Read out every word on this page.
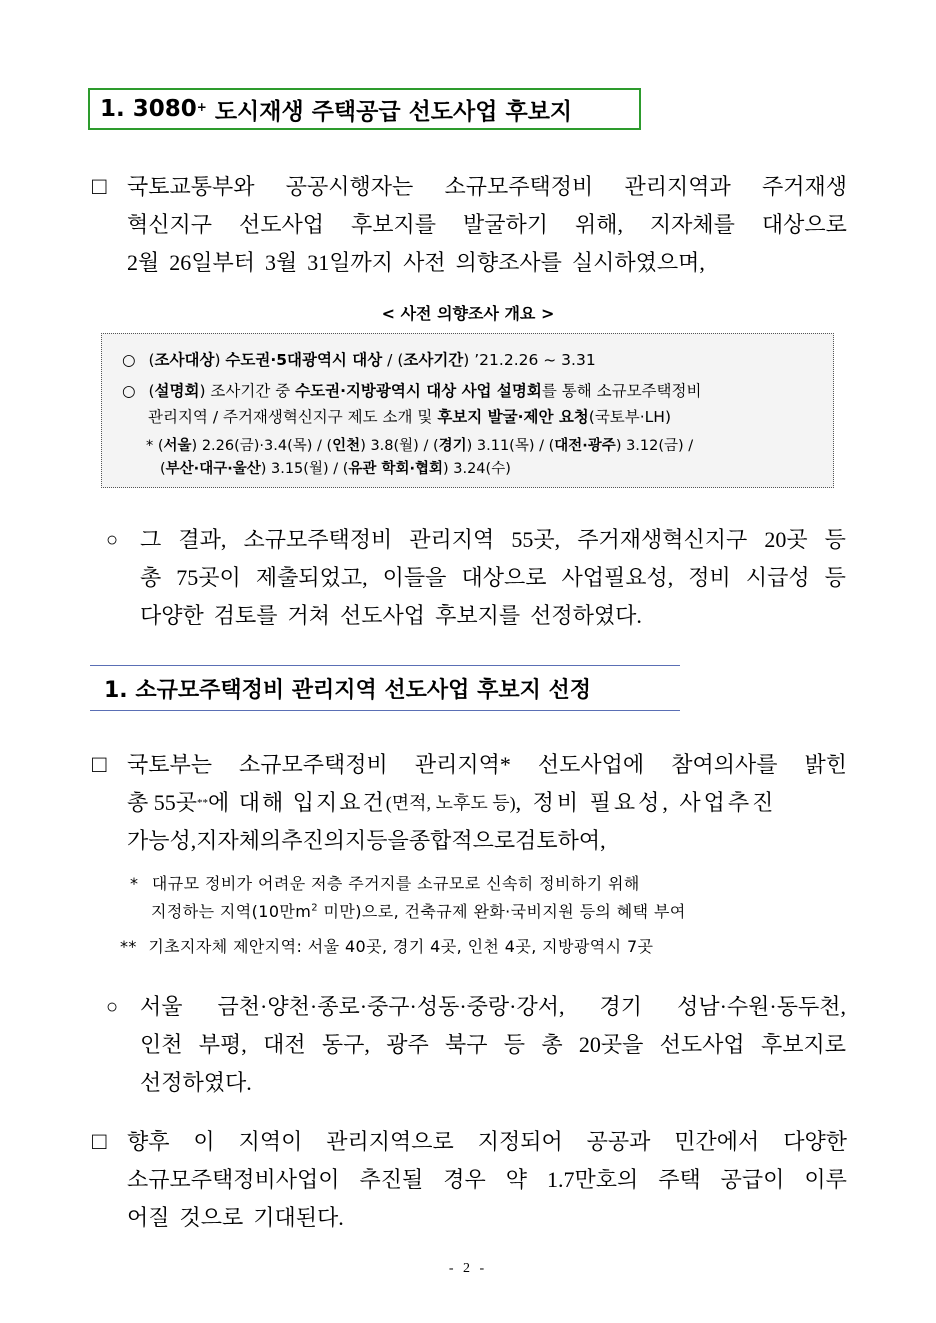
1. 3080+ 도시재생 주택공급 선도사업 후보지
□ 국토교통부와 공공시행자는 소규모주택정비 관리지역과 주거재생
혁신지구 선도사업 후보지를 발굴하기 위해, 지자체를 대상으로
2월 26일부터 3월 31일까지 사전 의향조사를 실시하였으며,
< 사전 의향조사 개요 >
○ (조사대상) 수도권·5대광역시 대상 / (조사기간) ’21.2.26 ~ 3.31
○ (설명회) 조사기간 중 수도권·지방광역시 대상 사업 설명회를 통해 소규모주택정비
관리지역 / 주거재생혁신지구 제도 소개 및 후보지 발굴·제안 요청(국토부·LH)
* (서울) 2.26(금)·3.4(목) / (인천) 3.8(월) / (경기) 3.11(목) / (대전·광주) 3.12(금) /
(부산·대구·울산) 3.15(월) / (유관 학회·협회) 3.24(수)
○ 그 결과, 소규모주택정비 관리지역 55곳, 주거재생혁신지구 20곳 등
총 75곳이 제출되었고, 이들을 대상으로 사업필요성, 정비 시급성 등
다양한 검토를 거쳐 선도사업 후보지를 선정하였다.
1. 소규모주택정비 관리지역 선도사업 후보지 선정
□ 국토부는 소규모주택정비 관리지역* 선도사업에 참여의사를 밝힌
총 55곳 ** 에 대해 입지요건 (면적, 노후도 등) , 정비 필요성, 사업추진
가능성, 지자체의 추진의지 등을 종합적으로 검토하여,
* 대규모 정비가 어려운 저층 주거지를 소규모로 신속히 정비하기 위해
지정하는 지역(10만$m^2$ 미만)으로, 건축규제 완화·국비지원 등의 혜택 부여
** 기초지자체 제안지역: 서울 40곳, 경기 4곳, 인천 4곳, 지방광역시 7곳
○ 서울 금천·양천·종로·중구·성동·중랑·강서, 경기 성남·수원·동두천,
인천 부평, 대전 동구, 광주 북구 등 총 20곳을 선도사업 후보지로
선정하였다.
□ 향후 이 지역이 관리지역으로 지정되어 공공과 민간에서 다양한
소규모주택정비사업이 추진될 경우 약 1.7만호의 주택 공급이 이루
어질 것으로 기대된다.
- 2 -
